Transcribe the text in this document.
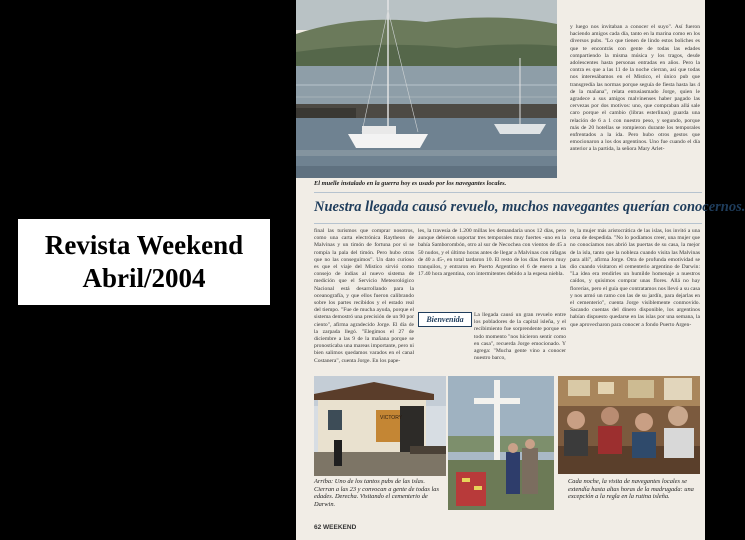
Revista Weekend
Abril/2004
El muelle instalado en la guerra hoy es usado por los navegantes locales.
y luego nos invitaban a conocer el suyo". Así fueron haciendo amigos cada día, tanto en la marina como en los diversos pubs. "Lo que tienen de lindo estos boliches es que te encontrás con gente de todas las edades compartiendo la misma música y los tragos, desde adolescentes hasta personas entradas en años. Pero la contra es que a las 11 de la noche cierran, así que todas nos interesábamos en el Mistico, el único pub que transgredía las normas porque seguía de fiesta hasta las 4 de la mañana", relata entusiasmado Jorge, quien le agradece a sus amigos malvinenses haber pagado las cervezas por dos motivos: uno, que compraban allá sale caro porque el cambio (libras esterlinas) guarda una relación de 6 a 1 con nuestro peso, y segundo, porque más de 20 hotellas se rompieron durante los temporales enfrentados a la ida. Pero hubo otros gestos que emocionaron a los dos argentinos. Uno fue cuando el día anterior a la partida, la señora Mary Arlet-
Nuestra llegada causó revuelo, muchos navegantes querían conocernos.
final las turismos que comprar nosotros, como una carta electrónica Raytheon de Malvinas y un timón de fortuna por si se rompía la pala del timón. Pero hubo otras que no las conseguimos". Un dato curioso es que el viaje del Mistico sirvió como consejo de indias al nuevo sistema de medición que el Servicio Meteorológico Nacional está desarrollando para la oceanografía, y que ellos fueron calibrando sobre los partes recibidos y el estado real del tiempo. "Fue de mucha ayuda, porque el sistema demostró una precisión de un 90 por ciento", afirma agradecido Jorge. El día de la zarpada llegó. "Elegimos el 27 de diciembre a las 9 de la mañana porque se pronosticaba una mareas importante, pero ni bien salimos quedamos varados en el canal Costanera", cuenta Jorge. En los pape-
les, la travesía de 1.200 millas les demandaría unos 12 días, pero aunque debieron soportar tres temporales muy fuertes -uno en la bahía Samborombón, otro al sur de Necochea con vientos de 45 a 50 nudos, y el último horas antes de llegar a Malvinas con ráfagas de 40 a 45-, en total tardaron 10. El resto de los días fueron muy tranquilos, y entraron en Puerto Argentino el 6 de enero a las 17.40 hora argentina, con intermitentes debido a la espesa niebla.
Bienvenida	La llegada causó un gran revuelo entre los pobladores de la capital isleña, y el recibimiento fue sorprendente porque en todo momento "nos hicieron sentir como en casa", recuerda Jorge emocionado. Y agrega: "Mucha gente vino a conocer nuestro barco,
te, la mujer más aristocrática de las islas, los invitó a una cena de despedida. "No lo podíamos creer, una mujer que no conocíamos nos abrió las puertas de su casa, la mejor de la isla, tanto que la nobleza cuando visita las Malvinas para allí", afirma Jorge. Otra de profunda emotividad se dio cuando visitaron el cementerio argentino de Darwin: "La idea era rendirles un humilde homenaje a nuestros caídos, y quisimos comprar unas flores. Allá no hay florerías, pero el guía que contratamos nos llevó a su casa y nos armó un ramo con las de su jardín, para dejarlas en el cementerio", cuenta Jorge visiblemente conmovido. Sacando cuentas del dinero disponible, los argentinos habían dispuesto quedarse en las islas por una semana, la que aprovecharon para conocer a fondo Puerto Argen-
VICTORY
Arriba: Uno de los tantos pubs de las islas. Cierran a las 23 y convocan a gente de todas las edades. Derecha. Visitando el cementerio de Darwin.
Cada noche, la visita de navegantes locales se extendía hasta altas horas de la madrugada: una excepción a la regla en la rutina isleña.
62 WEEKEND
